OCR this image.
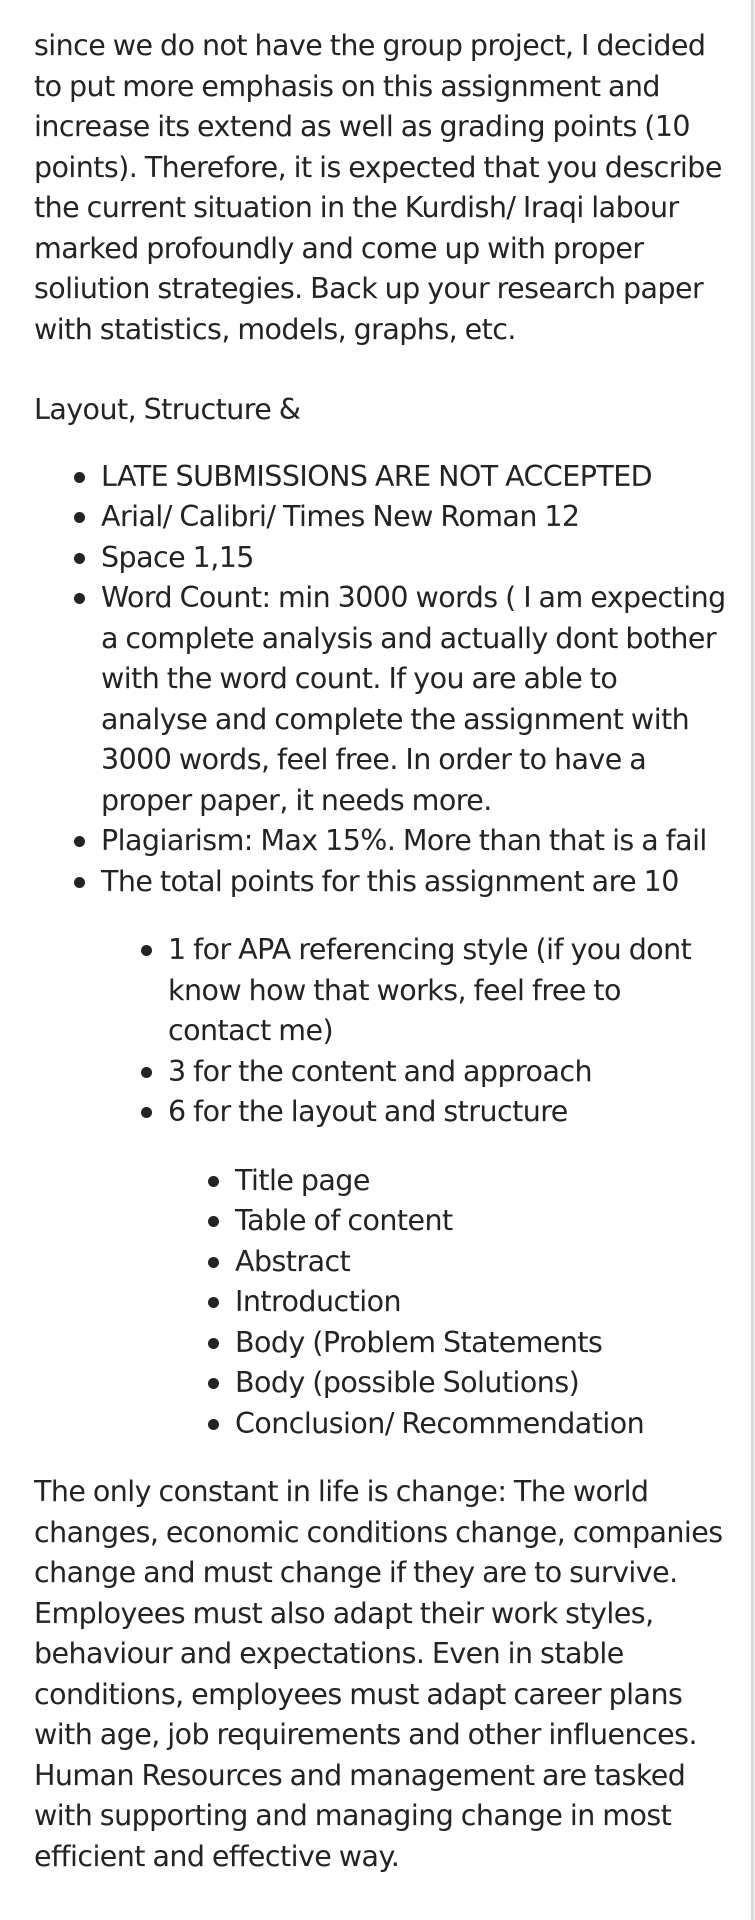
since we do not have the group project, I decided to put more emphasis on this assignment and increase its extend as well as grading points (10 points). Therefore, it is expected that you describe the current situation in the Kurdish/ Iraqi labour marked profoundly and come up with proper soliution strategies. Back up your research paper with statistics, models, graphs, etc.

Layout, Structure &

LATE SUBMISSIONS ARE NOT ACCEPTED
Arial/ Calibri/ Times New Roman 12
Space 1,15
Word Count: min 3000 words ( I am expecting a complete analysis and actually dont bother with the word count. If you are able to analyse and complete the assignment with 3000 words, feel free. In order to have a proper paper, it needs more.
Plagiarism: Max 15%. More than that is a fail
The total points for this assignment are 10
1 for APA referencing style (if you dont know how that works, feel free to contact me)
3 for the content and approach
6 for the layout and structure
Title page
Table of content
Abstract
Introduction
Body (Problem Statements
Body (possible Solutions)
Conclusion/ Recommendation

The only constant in life is change: The world changes, economic conditions change, companies change and must change if they are to survive. Employees must also adapt their work styles, behaviour and expectations. Even in stable conditions, employees must adapt career plans with age, job requirements and other influences. Human Resources and management are tasked with supporting and managing change in most efficient and effective way.
